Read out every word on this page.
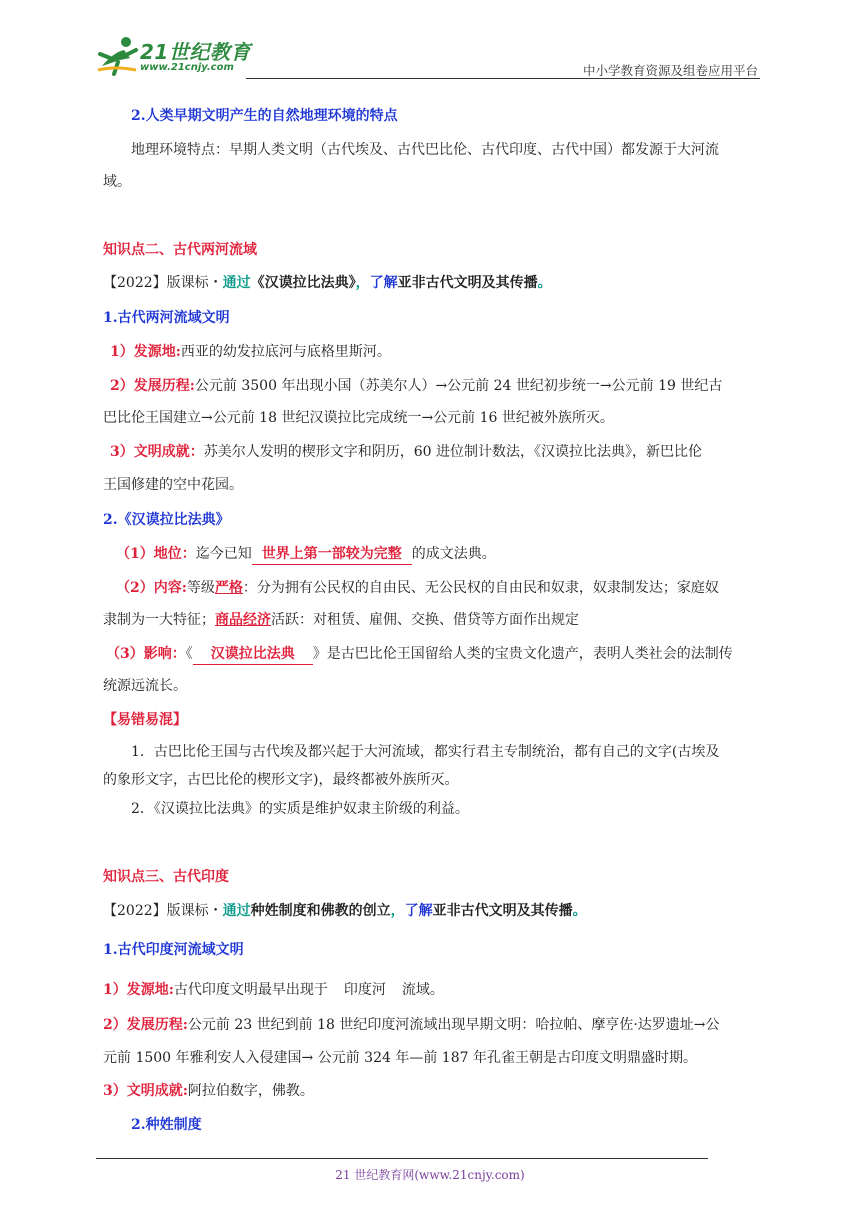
21世纪教育
www.21cnjy.com	中小学教育资源及组卷应用平台
2.人类早期文明产生的自然地理环境的特点
地理环境特点：早期人类文明（古代埃及、古代巴比伦、古代印度、古代中国）都发源于大河流
域。
知识点二、古代两河流域
【2022】版课标・通过《汉谟拉比法典》，了解亚非古代文明及其传播。
1.古代两河流域文明
1）发源地:西亚的幼发拉底河与底格里斯河。
2）发展历程:公元前 3500 年出现小国（苏美尔人）→公元前 24 世纪初步统一→公元前 19 世纪古
巴比伦王国建立→公元前 18 世纪汉谟拉比完成统一→公元前 16 世纪被外族所灭。
3）文明成就：苏美尔人发明的楔形文字和阴历，60 进位制计数法，《汉谟拉比法典》，新巴比伦
王国修建的空中花园。
2.《汉谟拉比法典》
（1）地位：迄今已知 世界上第一部较为完整 的成文法典。
（2）内容:等级严格：分为拥有公民权的自由民、无公民权的自由民和奴隶，奴隶制发达；家庭奴
隶制为一大特征；商品经济活跃：对租赁、雇佣、交换、借贷等方面作出规定
（3）影响：《 汉谟拉比法典 》是古巴比伦王国留给人类的宝贵文化遗产，表明人类社会的法制传
统源远流长。
【易错易混】
1．古巴比伦王国与古代埃及都兴起于大河流域，都实行君主专制统治，都有自己的文字(古埃及
的象形文字，古巴比伦的楔形文字)，最终都被外族所灭。
2．《汉谟拉比法典》的实质是维护奴隶主阶级的利益。
知识点三、古代印度
【2022】版课标・通过种姓制度和佛教的创立，了解亚非古代文明及其传播。
1.古代印度河流域文明
1）发源地:古代印度文明最早出现于 印度河 流域。
2）发展历程:公元前 23 世纪到前 18 世纪印度河流域出现早期文明：哈拉帕、摩亨佐·达罗遗址→公
元前 1500 年雅利安人入侵建国→ 公元前 324 年—前 187 年孔雀王朝是古印度文明鼎盛时期。
3）文明成就:阿拉伯数字，佛教。
2.种姓制度
21 世纪教育网(www.21cnjy.com)
